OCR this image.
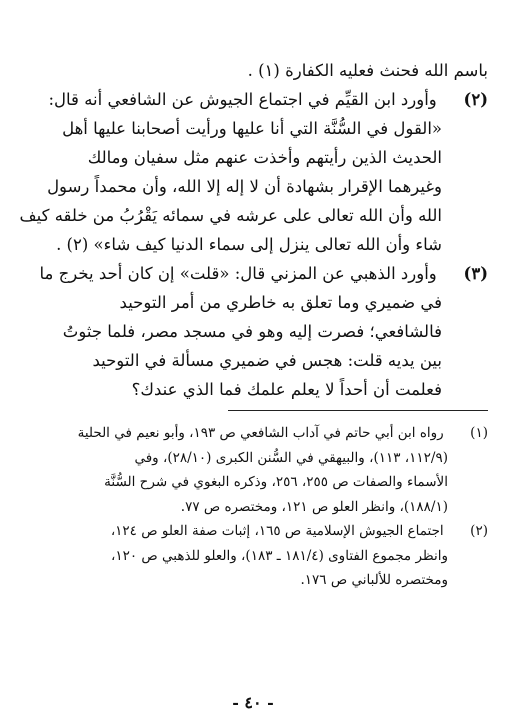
باسم الله فحنث فعليه الكفارة (١) .
(٢) وأورد ابن القيِّم في اجتماع الجيوش عن الشافعي أنه قال:
«القول في السُّنَّة التي أنا عليها ورأيت أصحابنا عليها أهل
الحديث الذين رأيتهم وأخذت عنهم مثل سفيان ومالك
وغيرهما الإقرار بشهادة أن لا إله إلا الله، وأن محمداً رسول
الله وأن الله تعالى على عرشه في سمائه يَقْرُبُ من خلقه كيف
شاء وأن الله تعالى ينزل إلى سماء الدنيا كيف شاء» (٢) .
(٣) وأورد الذهبي عن المزني قال: «قلت» إن كان أحد يخرج ما
في ضميري وما تعلق به خاطري من أمر التوحيد
فالشافعي؛ فصرت إليه وهو في مسجد مصر، فلما جثوتُ
بين يديه قلت: هجس في ضميري مسألة في التوحيد
فعلمت أن أحداً لا يعلم علمك فما الذي عندك؟
(١) رواه ابن أبي حاتم في آداب الشافعي ص ١٩٣، وأبو نعيم في الحلية
(١١٢/٩، ١١٣)، والبيهقي في السُّنن الكبرى (٢٨/١٠)، وفي
الأسماء والصفات ص ٢٥٥، ٢٥٦، وذكره البغوي في شرح السُّنَّة
(١٨٨/١)، وانظر العلو ص ١٢١، ومختصره ص ٧٧.
(٢) اجتماع الجيوش الإسلامية ص ١٦٥، إثبات صفة العلو ص ١٢٤،
وانظر مجموع الفتاوى (١٨١/٤ ـ ١٨٣)، والعلو للذهبي ص ١٢٠،
ومختصره للألباني ص ١٧٦.
- ٤٠ -
